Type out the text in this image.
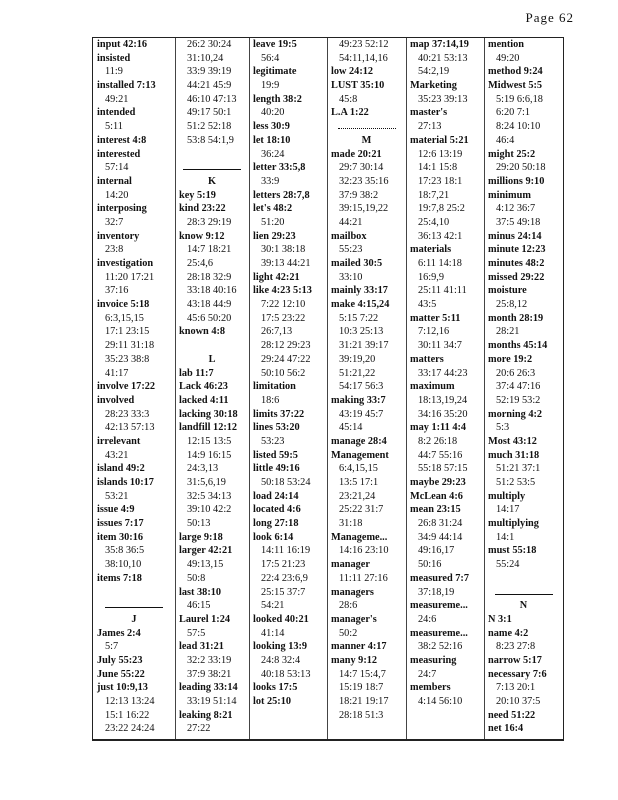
Page 62
input 42:16
insisted
11:9
installed 7:13
49:21
intended
5:11
interest 4:8
interested
57:14
internal
14:20
interposing
32:7
inventory
23:8
investigation
11:20 17:21
37:16
invoice 5:18
6:3,15,15
17:1 23:15
29:11 31:18
35:23 38:8
41:17
involve 17:22
involved
28:23 33:3
42:13 57:13
irrelevant
43:21
island 49:2
islands 10:17
53:21
issue 4:9
issues 7:17
item 30:16
35:8 36:5
38:10,10
items 7:18
J
James 2:4
5:7
July 55:23
June 55:22
just 10:9,13
12:13 13:24
15:1 16:22
23:22 24:24
26:2 30:24
31:10,24
33:9 39:19
44:21 45:9
46:10 47:13
49:17 50:1
51:2 52:18
53:8 54:1,9
K
key 5:19
kind 23:22
28:3 29:19
know 9:12
14:7 18:21
25:4,6
28:18 32:9
33:18 40:16
43:18 44:9
45:6 50:20
known 4:8
L
lab 11:7
Lack 46:23
lacked 4:11
lacking 30:18
landfill 12:12
12:15 13:5
14:9 16:15
24:3,13
31:5,6,19
32:5 34:13
39:10 42:2
50:13
large 9:18
larger 42:21
49:13,15
50:8
last 38:10
46:15
Laurel 1:24
57:5
lead 31:21
32:2 33:19
37:9 38:21
leading 33:14
33:19 51:14
leaking 8:21
27:22
leave 19:5
56:4
legitimate
19:9
length 38:2
40:20
less 30:9
let 18:10
36:24
letter 33:5,8
33:9
letters 28:7,8
let's 48:2
51:20
lien 29:23
30:1 38:18
39:13 44:21
light 42:21
like 4:23 5:13
7:22 12:10
17:5 23:22
26:7,13
28:12 29:23
29:24 47:22
50:10 56:2
limitation
18:6
limits 37:22
lines 53:20
53:23
listed 59:5
little 49:16
50:18 53:24
load 24:14
located 4:6
long 27:18
look 6:14
14:11 16:19
17:5 21:23
22:4 23:6,9
25:15 37:7
54:21
looked 40:21
41:14
looking 13:9
24:8 32:4
40:18 53:13
looks 17:5
lot 25:10
49:23 52:12
54:11,14,16
low 24:12
LUST 35:10
45:8
L.A 1:22
M
made 20:21
29:7 30:14
32:23 35:16
37:9 38:2
39:15,19,22
44:21
mailbox
55:23
mailed 30:5
33:10
mainly 33:17
make 4:15,24
5:15 7:22
10:3 25:13
31:21 39:17
39:19,20
51:21,22
54:17 56:3
making 33:7
43:19 45:7
45:14
manage 28:4
Management
6:4,15,15
13:5 17:1
23:21,24
25:22 31:7
31:18
Manageme...
14:16 23:10
manager
11:11 27:16
managers
28:6
manager's
50:2
manner 4:17
many 9:12
14:7 15:4,7
15:19 18:7
18:21 19:17
28:18 51:3
map 37:14,19
40:21 53:13
54:2,19
Marketing
35:23 39:13
master's
27:13
material 5:21
12:6 13:19
14:1 15:8
17:23 18:1
18:7,21
19:7,8 25:2
25:4,10
36:13 42:1
materials
6:11 14:18
16:9,9
25:11 41:11
43:5
matter 5:11
7:12,16
30:11 34:7
matters
33:17 44:23
maximum
18:13,19,24
34:16 35:20
may 1:11 4:4
8:2 26:18
44:7 55:16
55:18 57:15
maybe 29:23
McLean 4:6
mean 23:15
26:8 31:24
34:9 44:14
49:16,17
50:16
measured 7:7
37:18,19
measureme...
24:6
measureme...
38:2 52:16
measuring
24:7
members
4:14 56:10
mention
49:20
method 9:24
Midwest 5:5
5:19 6:6,18
6:20 7:1
8:24 10:10
46:4
might 25:2
29:20 50:18
millions 9:10
minimum
4:12 36:7
37:5 49:18
minus 24:14
minute 12:23
minutes 48:2
missed 29:22
moisture
25:8,12
month 28:19
28:21
months 45:14
more 19:2
20:6 26:3
37:4 47:16
52:19 53:2
morning 4:2
5:3
Most 43:12
much 31:18
51:21 37:1
51:2 53:5
multiply
14:17
multiplying
14:1
must 55:18
55:24
N
N 3:1
name 4:2
8:23 27:8
narrow 5:17
necessary 7:6
7:13 20:1
20:10 37:5
need 51:22
net 16:4
